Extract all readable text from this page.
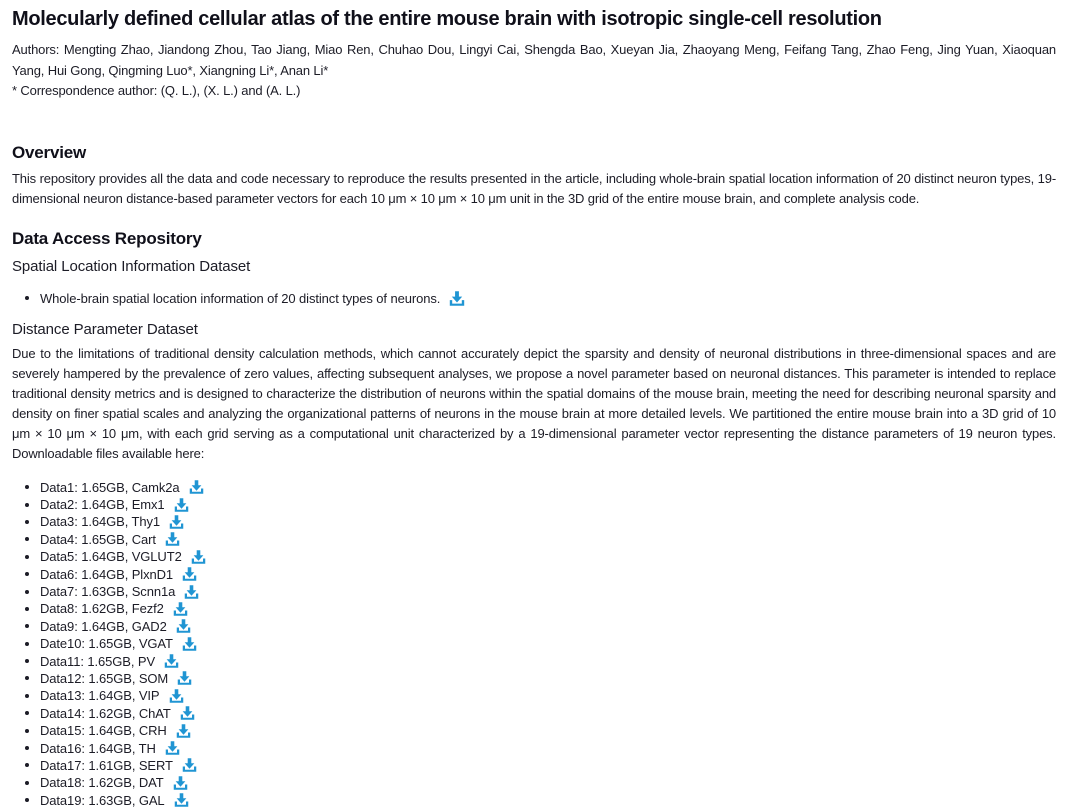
Molecularly defined cellular atlas of the entire mouse brain with isotropic single-cell resolution

Authors: Mengting Zhao, Jiandong Zhou, Tao Jiang, Miao Ren, Chuhao Dou, Lingyi Cai, Shengda Bao, Xueyan Jia, Zhaoyang Meng, Feifang Tang, Zhao Feng, Jing Yuan, Xiaoquan Yang, Hui Gong, Qingming Luo*, Xiangning Li*, Anan Li*

* Correspondence author: (Q. L.), (X. L.) and (A. L.)

Overview

This repository provides all the data and code necessary to reproduce the results presented in the article, including whole-brain spatial location information of 20 distinct neuron types, 19-dimensional neuron distance-based parameter vectors for each 10 μm × 10 μm × 10 μm unit in the 3D grid of the entire mouse brain, and complete analysis code.

Data Access Repository
Spatial Location Information Dataset
Whole-brain spatial location information of 20 distinct types of neurons.
Distance Parameter Dataset

Due to the limitations of traditional density calculation methods, which cannot accurately depict the sparsity and density of neuronal distributions in three-dimensional spaces and are severely hampered by the prevalence of zero values, affecting subsequent analyses, we propose a novel parameter based on neuronal distances. This parameter is intended to replace traditional density metrics and is designed to characterize the distribution of neurons within the spatial domains of the mouse brain, meeting the need for describing neuronal sparsity and density on finer spatial scales and analyzing the organizational patterns of neurons in the mouse brain at more detailed levels. We partitioned the entire mouse brain into a 3D grid of 10 μm × 10 μm × 10 μm, with each grid serving as a computational unit characterized by a 19-dimensional parameter vector representing the distance parameters of 19 neuron types. Downloadable files available here:

Data1: 1.65GB, Camk2a
Data2: 1.64GB, Emx1
Data3: 1.64GB, Thy1
Data4: 1.65GB, Cart
Data5: 1.64GB, VGLUT2
Data6: 1.64GB, PlxnD1
Data7: 1.63GB, Scnn1a
Data8: 1.62GB, Fezf2
Data9: 1.64GB, GAD2
Date10: 1.65GB, VGAT
Data11: 1.65GB, PV
Data12: 1.65GB, SOM
Data13: 1.64GB, VIP
Data14: 1.62GB, ChAT
Data15: 1.64GB, CRH
Data16: 1.64GB, TH
Data17: 1.61GB, SERT
Data18: 1.62GB, DAT
Data19: 1.63GB, GAL
